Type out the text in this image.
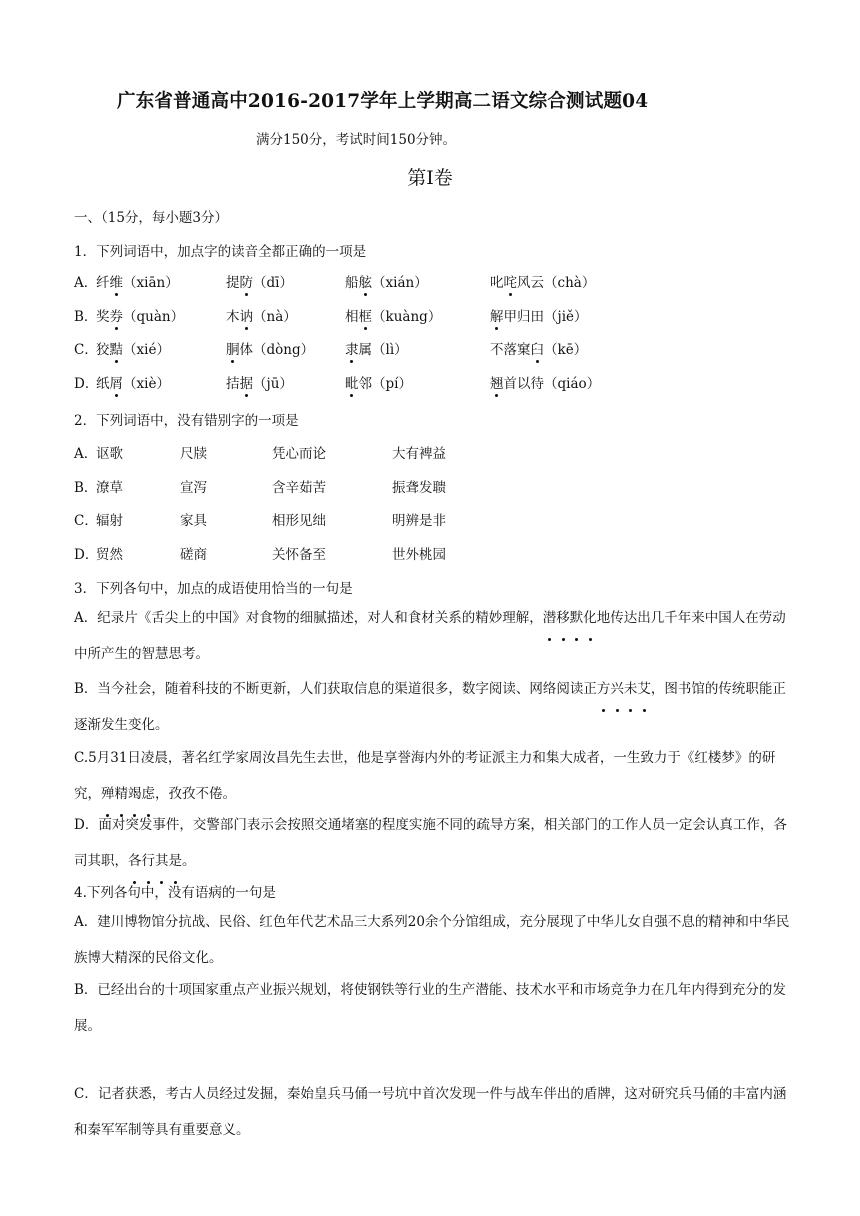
广东省普通高中2016-2017学年上学期高二语文综合测试题04
满分150分，考试时间150分钟。
第Ⅰ卷
一、（15分，每小题3分）
1．下列词语中，加点字的读音全都正确的一项是
A．
纤维（xiān）	提防（dī）	船舷（xián）	叱咤风云（chà）
B．
奖券（quàn）	木讷（nà）	相框（kuàng）	解甲归田（jiě）
C．
狡黠（xié）	胴体（dòng） 隶属（lì）	不落窠臼（kē）
D．
纸屑（xiè）	拮据（jū）	毗邻（pí）	翘首以待（qiáo）
2．下列词语中，没有错别字的一项是
A．
讴歌	尺牍	凭心而论	大有裨益
B．
潦草	宣泻	含辛茹苦	振聋发聩
C．
辐射	家具	相形见绌	明辨是非
D．
贸然	磋商	关怀备至	世外桃园
3．下列各句中，加点的成语使用恰当的一句是
A．纪录片《舌尖上的中国》对食物的细腻描述，对人和食材关系的精妙理解，潜移默化地传达出几千年来中国人在劳动中所产生的智慧思考。
B．当今社会，随着科技的不断更新，人们获取信息的渠道很多，数字阅读、网络阅读正方兴未艾，图书馆的传统职能正逐渐发生变化。
C.5月31日凌晨，著名红学家周汝昌先生去世，他是享誉海内外的考证派主力和集大成者，一生致力于《红楼梦》的研究，殚精竭虑，孜孜不倦。
D．面对突发事件，交警部门表示会按照交通堵塞的程度实施不同的疏导方案，相关部门的工作人员一定会认真工作，各司其职，各行其是。
4.下列各句中，没有语病的一句是
A．建川博物馆分抗战、民俗、红色年代艺术品三大系列20余个分馆组成，充分展现了中华儿女自强不息的精神和中华民族博大精深的民俗文化。
B．已经出台的十项国家重点产业振兴规划，将使钢铁等行业的生产潜能、技术水平和市场竞争力在几年内得到充分的发展。
C．记者获悉，考古人员经过发掘，秦始皇兵马俑一号坑中首次发现一件与战车伴出的盾牌，这对研究兵马俑的丰富内涵和秦军军制等具有重要意义。
